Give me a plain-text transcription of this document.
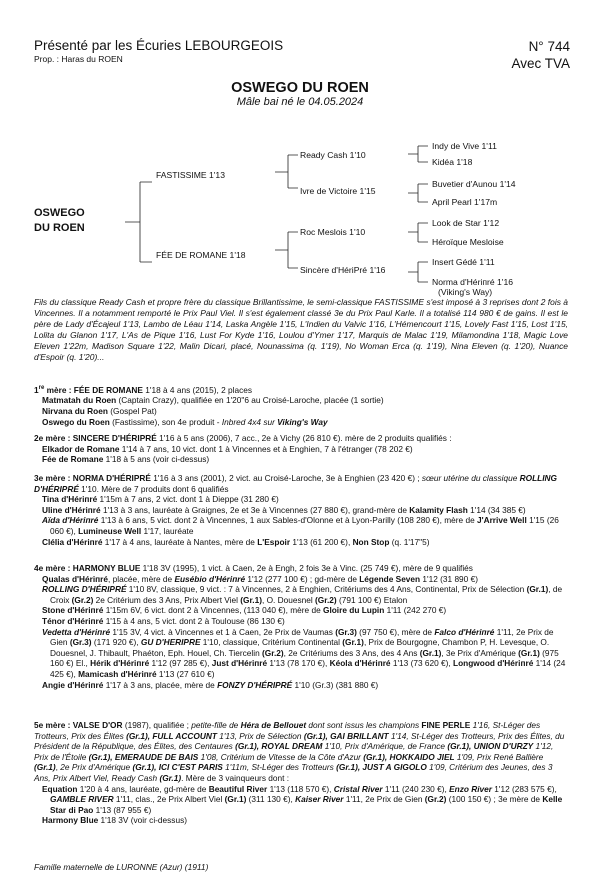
Présenté par les Écuries LEBOURGEOIS
Prop. : Haras du ROEN
N° 744
Avec TVA
OSWEGO DU ROEN
Mâle bai né le 04.05.2024
OSWEGO
DU ROEN
FASTISSIME 1'13
FÉE DE ROMANE 1'18
Ready Cash 1'10
Ivre de Victoire 1'15
Roc Meslois 1'10
Sincère d'HériPré 1'16
Indy de Vive 1'11
Kidéa 1'18
Buvetier d'Aunou 1'14
April Pearl 1'17m
Look de Star 1'12
Héroïque Mesloise
Insert Gédé 1'11
Norma d'Hériпré 1'16
(Viking's Way)
Fils du classique Ready Cash et propre frère du classique Brillantissime, le semi-classique FASTISSIME s'est imposé à 3 reprises dont 2 fois à Vincennes. Il a notamment remporté le Prix Paul Viel. Il s'est également classé 3e du Prix Paul Karle. Il a totalisé 114 980 € de gains. Il est le père de Lady d'Écajeul 1'13, Lambo de Léau 1'14, Laska Angèle 1'15, L'Indien du Valvic 1'16, L'Hémencourt 1'15, Lovely Fast 1'15, Lost 1'15, Lolita du Glanon 1'17, L'As de Pique 1'16, Lust For Kyde 1'16, Loulou d'Ymer 1'17, Marquis de Malac 1'19, Milamondina 1'18, Magic Love Eleven 1'22m, Madison Square 1'22, Malin Dicari, placé, Nounassima (q. 1'19), No Woman Erca (q. 1'19), Nina Eleven (q. 1'20), Nuance d'Espoir (q. 1'20)...

1re mère : FÉE DE ROMANE 1'18 à 4 ans (2015), 2 places

Matmatah du Roen (Captain Crazy), qualifiée en 1'20"6 au Croisé-Laroche, placée (1 sortie)

Nirvana du Roen (Gospel Pat)

Oswego du Roen (Fastissime), son 4e produit - Inbred 4x4 sur Viking's Way

2e mère : SINCERE D'HÉRIPRÉ 1'16 à 5 ans (2006), 7 acc., 2e à Vichy (26 810 €). mère de 2 produits qualifiés :

Elkador de Romane 1'14 à 7 ans, 10 vict. dont 1 à Vincennes et à Enghien, 7 à l'étranger (78 202 €)

Fée de Romane 1'18 à 5 ans (voir ci-dessus)

3e mère : NORMA D'HÉRIPRÉ 1'16 à 3 ans (2001), 2 vict. au Croisé-Laroche, 3e à Enghien (23 420 €) ; sœur utérine du classique ROLLING D'HÉRIPRÉ 1'10. Mère de 7 produits dont 6 qualifiés

Tina d'Hériпré 1'15m à 7 ans, 2 vict. dont 1 à Dieppe (31 280 €)

Uline d'Hériпré 1'13 à 3 ans, lauréate à Graignes, 2e et 3e à Vincennes (27 880 €), grand-mère de Kalamity Flash 1'14 (34 385 €)

Aïda d'Hériпré 1'13 à 6 ans, 5 vict. dont 2 à Vincennes, 1 aux Sables-d'Olonne et à Lyon-Parilly (108 280 €), mère de J'Arrive Well 1'15 (26 060 €), Lumineuse Well 1'17, lauréate

Clélia d'Hériпré 1'17 à 4 ans, lauréate à Nantes, mère de L'Espoir 1'13 (61 200 €), Non Stop (q. 1'17"5)

4e mère : HARMONY BLUE 1'18 3V (1995), 1 vict. à Caen, 2e à Engh, 2 fois 3e à Vinc. (25 749 €), mère de 9 qualifiés

Qualas d'Hériпré, placée, mère de Eusébio d'Hériпré 1'12 (277 100 €) ; gd-mère de Légende Seven 1'12 (31 890 €)

ROLLING D'HÉRIPRÉ 1'10 8V, classique, 9 vict. : 7 à Vincennes, 2 à Enghien, Critériums des 4 Ans, Continental, Prix de Sélection (Gr.1), de Croix (Gr.2) 2e Critérium des 3 Ans, Prix Albert Viel (Gr.1), O. Douesnel (Gr.2) (791 100 €) Etalon

Stone d'Hériпré 1'15m 6V, 6 vict. dont 2 à Vincennes, (113 040 €), mère de Gloire du Lupin 1'11 (242 270 €)

Ténor d'Hériпré 1'15 à 4 ans, 5 vict. dont 2 à Toulouse (86 130 €)

Vedetta d'Hériпré 1'15 3V, 4 vict. à Vincennes et 1 à Caen, 2e Prix de Vaumas (Gr.3) (97 750 €), mère de Falco d'Hériпré 1'11, 2e Prix de Gien (Gr.3) (171 920 €), GU D'HERIPRE 1'10, classique, Critérium Continental (Gr.1), Prix de Bourgogne, Chambon P, H. Levesque, O. Douesnel, J. Thibault, Phaéton, Eph. Houel, Ch. Tiercelin (Gr.2), 2e Critériums des 3 Ans, des 4 Ans (Gr.1), 3e Prix d'Amérique (Gr.1) (975 160 €) El., Hérik d'Hériпré 1'12 (97 285 €), Just d'Hériпré 1'13 (78 170 €), Kéola d'Hériпré 1'13 (73 620 €), Longwood d'Hériпré 1'14 (24 425 €), Mamicash d'Hériпré 1'13 (27 610 €)

Angie d'Hériпré 1'17 à 3 ans, placée, mère de FONZY D'HÉRIPRÉ 1'10 (Gr.3) (381 880 €)

5e mère : VALSE D'OR (1987), qualifiée ; petite-fille de Héra de Bellouet dont sont issus les champions FINE PERLE 1'16, St-Léger des Trotteurs, Prix des Élites (Gr.1), FULL ACCOUNT 1'13, Prix de Sélection (Gr.1), GAI BRILLANT 1'14, St-Léger des Trotteurs, Prix des Élites, du Président de la République, des Élites, des Centaures (Gr.1), ROYAL DREAM 1'10, Prix d'Amérique, de France (Gr.1), UNION D'URZY 1'12, Prix de l'Étoile (Gr.1), EMERAUDE DE BAIS 1'08, Critérium de Vitesse de la Côte d'Azur (Gr.1), HOKKAIDO JIEL 1'09, Prix René Ballière (Gr.1), 2e Prix d'Amérique (Gr.1), ICI C'EST PARIS 1'11m, St-Léger des Trotteurs (Gr.1), JUST A GIGOLO 1'09, Critérium des Jeunes, des 3 Ans, Prix Albert Viel, Ready Cash (Gr.1). Mère de 3 vainqueurs dont :

Equation 1'20 à 4 ans, lauréate, gd-mère de Beautiful River 1'13 (118 570 €), Cristal River 1'11 (240 230 €), Enzo River 1'12 (283 575 €), GAMBLE RIVER 1'11, clas., 2e Prix Albert Viel (Gr.1) (311 130 €), Kaiser River 1'11, 2e Prix de Gien (Gr.2) (100 150 €) ; 3e mère de Kelle Star di Pao 1'13 (87 955 €)

Harmony Blue 1'18 3V (voir ci-dessus)

Famille maternelle de LURONNE (Azur) (1911)
